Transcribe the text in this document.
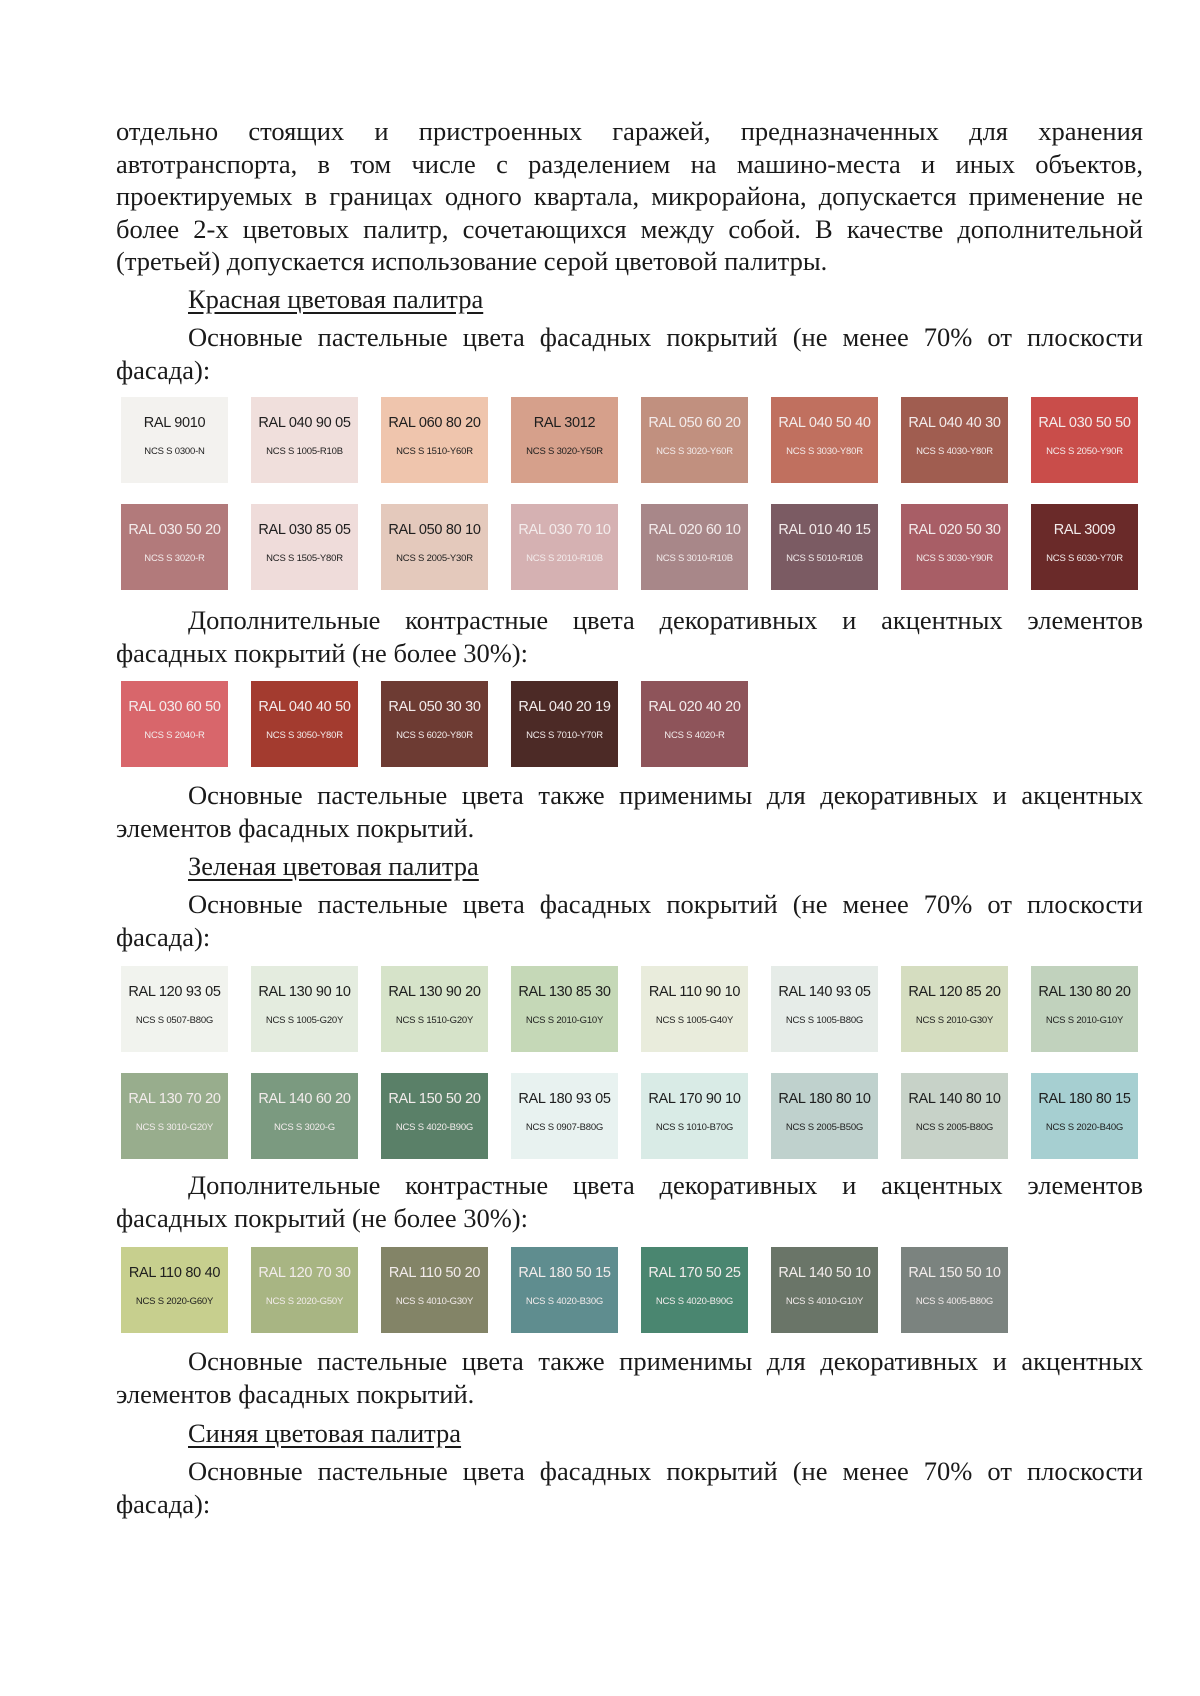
отдельно стоящих и пристроенных гаражей, предназначенных для хранения автотранспорта, в том числе с разделением на машино-места и иных объектов, проектируемых в границах одного квартала, микрорайона, допускается применение не более 2-х цветовых палитр, сочетающихся между собой. В качестве дополнительной (третьей) допускается использование серой цветовой палитры.

Красная цветовая палитра

Основные пастельные цвета фасадных покрытий (не менее 70% от плоскости фасада):

RAL 9010
NCS S 0300-N
RAL 040 90 05
NCS S 1005-R10B
RAL 060 80 20
NCS S 1510-Y60R
RAL 3012
NCS S 3020-Y50R
RAL 050 60 20
NCS S 3020-Y60R
RAL 040 50 40
NCS S 3030-Y80R
RAL 040 40 30
NCS S 4030-Y80R
RAL 030 50 50
NCS S 2050-Y90R
RAL 030 50 20
NCS S 3020-R
RAL 030 85 05
NCS S 1505-Y80R
RAL 050 80 10
NCS S 2005-Y30R
RAL 030 70 10
NCS S 2010-R10B
RAL 020 60 10
NCS S 3010-R10B
RAL 010 40 15
NCS S 5010-R10B
RAL 020 50 30
NCS S 3030-Y90R
RAL 3009
NCS S 6030-Y70R

Дополнительные контрастные цвета декоративных и акцентных элементов фасадных покрытий (не более 30%):

RAL 030 60 50
NCS S 2040-R
RAL 040 40 50
NCS S 3050-Y80R
RAL 050 30 30
NCS S 6020-Y80R
RAL 040 20 19
NCS S 7010-Y70R
RAL 020 40 20
NCS S 4020-R

Основные пастельные цвета также применимы для декоративных и акцентных элементов фасадных покрытий.

Зеленая цветовая палитра

Основные пастельные цвета фасадных покрытий (не менее 70% от плоскости фасада):

RAL 120 93 05
NCS S 0507-B80G
RAL 130 90 10
NCS S 1005-G20Y
RAL 130 90 20
NCS S 1510-G20Y
RAL 130 85 30
NCS S 2010-G10Y
RAL 110 90 10
NCS S 1005-G40Y
RAL 140 93 05
NCS S 1005-B80G
RAL 120 85 20
NCS S 2010-G30Y
RAL 130 80 20
NCS S 2010-G10Y
RAL 130 70 20
NCS S 3010-G20Y
RAL 140 60 20
NCS S 3020-G
RAL 150 50 20
NCS S 4020-B90G
RAL 180 93 05
NCS S 0907-B80G
RAL 170 90 10
NCS S 1010-B70G
RAL 180 80 10
NCS S 2005-B50G
RAL 140 80 10
NCS S 2005-B80G
RAL 180 80 15
NCS S 2020-B40G

Дополнительные контрастные цвета декоративных и акцентных элементов фасадных покрытий (не более 30%):

RAL 110 80 40
NCS S 2020-G60Y
RAL 120 70 30
NCS S 2020-G50Y
RAL 110 50 20
NCS S 4010-G30Y
RAL 180 50 15
NCS S 4020-B30G
RAL 170 50 25
NCS S 4020-B90G
RAL 140 50 10
NCS S 4010-G10Y
RAL 150 50 10
NCS S 4005-B80G

Основные пастельные цвета также применимы для декоративных и акцентных элементов фасадных покрытий.

Синяя цветовая палитра

Основные пастельные цвета фасадных покрытий (не менее 70% от плоскости фасада):
